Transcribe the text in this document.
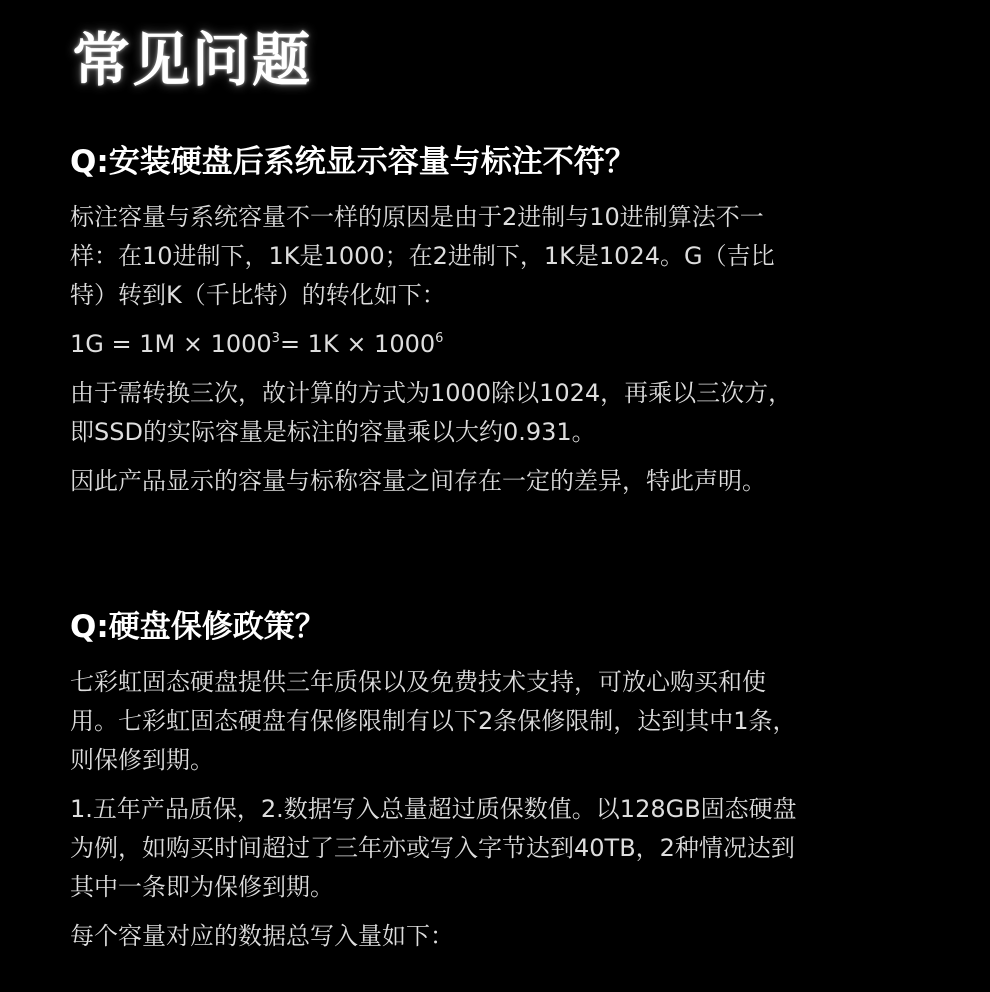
常见问题
Q:安装硬盘后系统显示容量与标注不符？

标注容量与系统容量不一样的原因是由于2进制与10进制算法不一

样：在10进制下，1K是1000；在2进制下，1K是1024。G（吉比

特）转到K（千比特）的转化如下：

$1G = 1M \times 1000^3= 1K \times 1000^6$

由于需转换三次，故计算的方式为1000除以1024，再乘以三次方，

即SSD的实际容量是标注的容量乘以大约0.931。

因此产品显示的容量与标称容量之间存在一定的差异，特此声明。

Q:硬盘保修政策？

七彩虹固态硬盘提供三年质保以及免费技术支持，可放心购买和使

用。七彩虹固态硬盘有保修限制有以下2条保修限制，达到其中1条，

则保修到期。

1.五年产品质保，2.数据写入总量超过质保数值。以128GB固态硬盘

为例，如购买时间超过了三年亦或写入字节达到40TB，2种情况达到

其中一条即为保修到期。

每个容量对应的数据总写入量如下：
